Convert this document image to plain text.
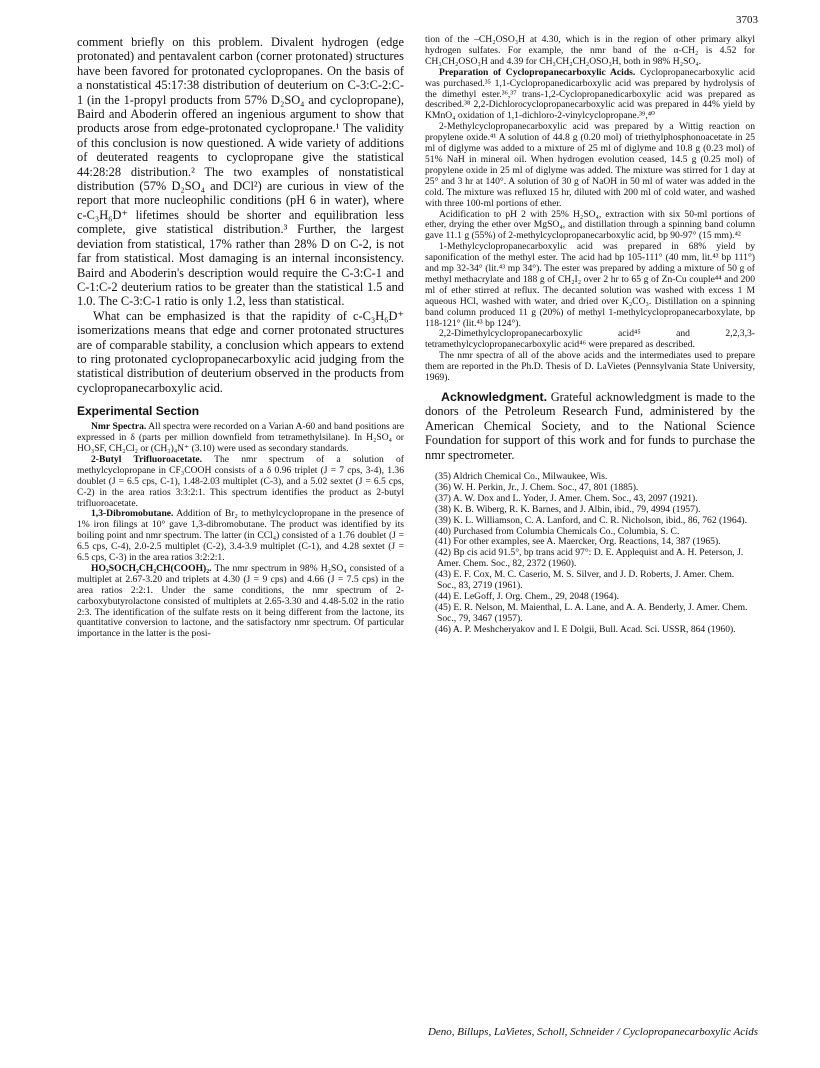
3703

comment briefly on this problem. Divalent hydrogen (edge protonated) and pentavalent carbon (corner protonated) structures have been favored for protonated cyclopropanes. On the basis of a nonstatistical 45:17:38 distribution of deuterium on C-3:C-2:C-1 (in the 1-propyl products from 57% D₂SO₄ and cyclopropane), Baird and Aboderin offered an ingenious argument to show that products arose from edge-protonated cyclopropane.¹ The validity of this conclusion is now questioned. A wide variety of additions of deuterated reagents to cyclopropane give the statistical 44:28:28 distribution.² The two examples of nonstatistical distribution (57% D₂SO₄ and DCl²) are curious in view of the report that more nucleophilic conditions (pH 6 in water), where c-C₃H₆D⁺ lifetimes should be shorter and equilibration less complete, give statistical distribution.³ Further, the largest deviation from statistical, 17% rather than 28% D on C-2, is not far from statistical. Most damaging is an internal inconsistency. Baird and Aboderin's description would require the C-3:C-1 and C-1:C-2 deuterium ratios to be greater than the statistical 1.5 and 1.0. The C-3:C-1 ratio is only 1.2, less than statistical.

What can be emphasized is that the rapidity of c-C₃H₆D⁺ isomerizations means that edge and corner protonated structures are of comparable stability, a conclusion which appears to extend to ring protonated cyclopropanecarboxylic acid judging from the statistical distribution of deuterium observed in the products from cyclopropanecarboxylic acid.

Experimental Section

Nmr Spectra. All spectra were recorded on a Varian A-60 and band positions are expressed in δ (parts per million downfield from tetramethylsilane). In H₂SO₄ or HO₃SF, CH₂Cl₂ or (CH₃)₄N⁺ (3.10) were used as secondary standards.

2-Butyl Trifluoroacetate. The nmr spectrum of a solution of methylcyclopropane in CF₃COOH consists of a δ 0.96 triplet (J = 7 cps, 3-4), 1.36 doublet (J = 6.5 cps, C-1), 1.48-2.03 multiplet (C-3), and a 5.02 sextet (J = 6.5 cps, C-2) in the area ratios 3:3:2:1. This spectrum identifies the product as 2-butyl trifluoroacetate.

1,3-Dibromobutane. Addition of Br₂ to methylcyclopropane in the presence of 1% iron filings at 10° gave 1,3-dibromobutane. The product was identified by its boiling point and nmr spectrum. The latter (in CCl₄) consisted of a 1.76 doublet (J = 6.5 cps, C-4), 2.0-2.5 multiplet (C-2), 3.4-3.9 multiplet (C-1), and 4.28 sextet (J = 6.5 cps, C-3) in the area ratios 3:2:2:1.

HO₃SOCH₂CH₂CH(COOH)₂. The nmr spectrum in 98% H₂SO₄ consisted of a multiplet at 2.67-3.20 and triplets at 4.30 (J = 9 cps) and 4.66 (J = 7.5 cps) in the area ratios 2:2:1. Under the same conditions, the nmr spectrum of 2-carboxybutyrolactone consisted of multiplets at 2.65-3.30 and 4.48-5.02 in the ratio 2:3. The identification of the sulfate rests on it being different from the lactone, its quantitative conversion to lactone, and the satisfactory nmr spectrum. Of particular importance in the latter is the posi-

tion of the –CH₂OSO₃H at 4.30, which is in the region of other primary alkyl hydrogen sulfates. For example, the nmr band of the α-CH₂ is 4.52 for CH₃CH₂OSO₃H and 4.39 for CH₃CH₂CH₂OSO₃H, both in 98% H₂SO₄.

Preparation of Cyclopropanecarboxylic Acids. Cyclopropanecarboxylic acid was purchased.³⁵ 1,1-Cyclopropanedicarboxylic acid was prepared by hydrolysis of the dimethyl ester.³⁶,³⁷ trans-1,2-Cyclopropanedicarboxylic acid was prepared as described.³⁸ 2,2-Dichlorocyclopropanecarboxylic acid was prepared in 44% yield by KMnO₄ oxidation of 1,1-dichloro-2-vinylcyclopropane.³⁹,⁴⁰

2-Methylcyclopropanecarboxylic acid was prepared by a Wittig reaction on propylene oxide.⁴¹ A solution of 44.8 g (0.20 mol) of triethylphosphonoacetate in 25 ml of diglyme was added to a mixture of 25 ml of diglyme and 10.8 g (0.23 mol) of 51% NaH in mineral oil. When hydrogen evolution ceased, 14.5 g (0.25 mol) of propylene oxide in 25 ml of diglyme was added. The mixture was stirred for 1 day at 25° and 3 hr at 140°. A solution of 30 g of NaOH in 50 ml of water was added in the cold. The mixture was refluxed 15 hr, diluted with 200 ml of cold water, and washed with three 100-ml portions of ether.

Acidification to pH 2 with 25% H₂SO₄, extraction with six 50-ml portions of ether, drying the ether over MgSO₄, and distillation through a spinning band column gave 11.1 g (55%) of 2-methylcyclopropanecarboxylic acid, bp 90-97° (15 mm).⁴²

1-Methylcyclopropanecarboxylic acid was prepared in 68% yield by saponification of the methyl ester. The acid had bp 105-111° (40 mm, lit.⁴³ bp 111°) and mp 32-34° (lit.⁴³ mp 34°). The ester was prepared by adding a mixture of 50 g of methyl methacrylate and 188 g of CH₂I₂ over 2 hr to 65 g of Zn-Cu couple⁴⁴ and 200 ml of ether stirred at reflux. The decanted solution was washed with excess 1 M aqueous HCl, washed with water, and dried over K₂CO₃. Distillation on a spinning band column produced 11 g (20%) of methyl 1-methylcyclopropanecarboxylate, bp 118-121° (lit.⁴³ bp 124°).

2,2-Dimethylcyclopropanecarboxylic acid⁴⁵ and 2,2,3,3-tetramethylcyclopropanecarboxylic acid⁴⁶ were prepared as described.

The nmr spectra of all of the above acids and the intermediates used to prepare them are reported in the Ph.D. Thesis of D. LaVietes (Pennsylvania State University, 1969).

Acknowledgment. Grateful acknowledgment is made to the donors of the Petroleum Research Fund, administered by the American Chemical Society, and to the National Science Foundation for support of this work and for funds to purchase the nmr spectrometer.

(35) Aldrich Chemical Co., Milwaukee, Wis.
(36) W. H. Perkin, Jr., J. Chem. Soc., 47, 801 (1885).
(37) A. W. Dox and L. Yoder, J. Amer. Chem. Soc., 43, 2097 (1921).
(38) K. B. Wiberg, R. K. Barnes, and J. Albin, ibid., 79, 4994 (1957).
(39) K. L. Williamson, C. A. Lanford, and C. R. Nicholson, ibid., 86, 762 (1964).
(40) Purchased from Columbia Chemicals Co., Columbia, S. C.
(41) For other examples, see A. Maercker, Org. Reactions, 14, 387 (1965).
(42) Bp cis acid 91.5°, bp trans acid 97°: D. E. Applequist and A. H. Peterson, J. Amer. Chem. Soc., 82, 2372 (1960).
(43) E. F. Cox, M. C. Caserio, M. S. Silver, and J. D. Roberts, J. Amer. Chem. Soc., 83, 2719 (1961).
(44) E. LeGoff, J. Org. Chem., 29, 2048 (1964).
(45) E. R. Nelson, M. Maienthal, L. A. Lane, and A. A. Benderly, J. Amer. Chem. Soc., 79, 3467 (1957).
(46) A. P. Meshcheryakov and I. E Dolgii, Bull. Acad. Sci. USSR, 864 (1960).
Deno, Billups, LaVietes, Scholl, Schneider / Cyclopropanecarboxylic Acids
